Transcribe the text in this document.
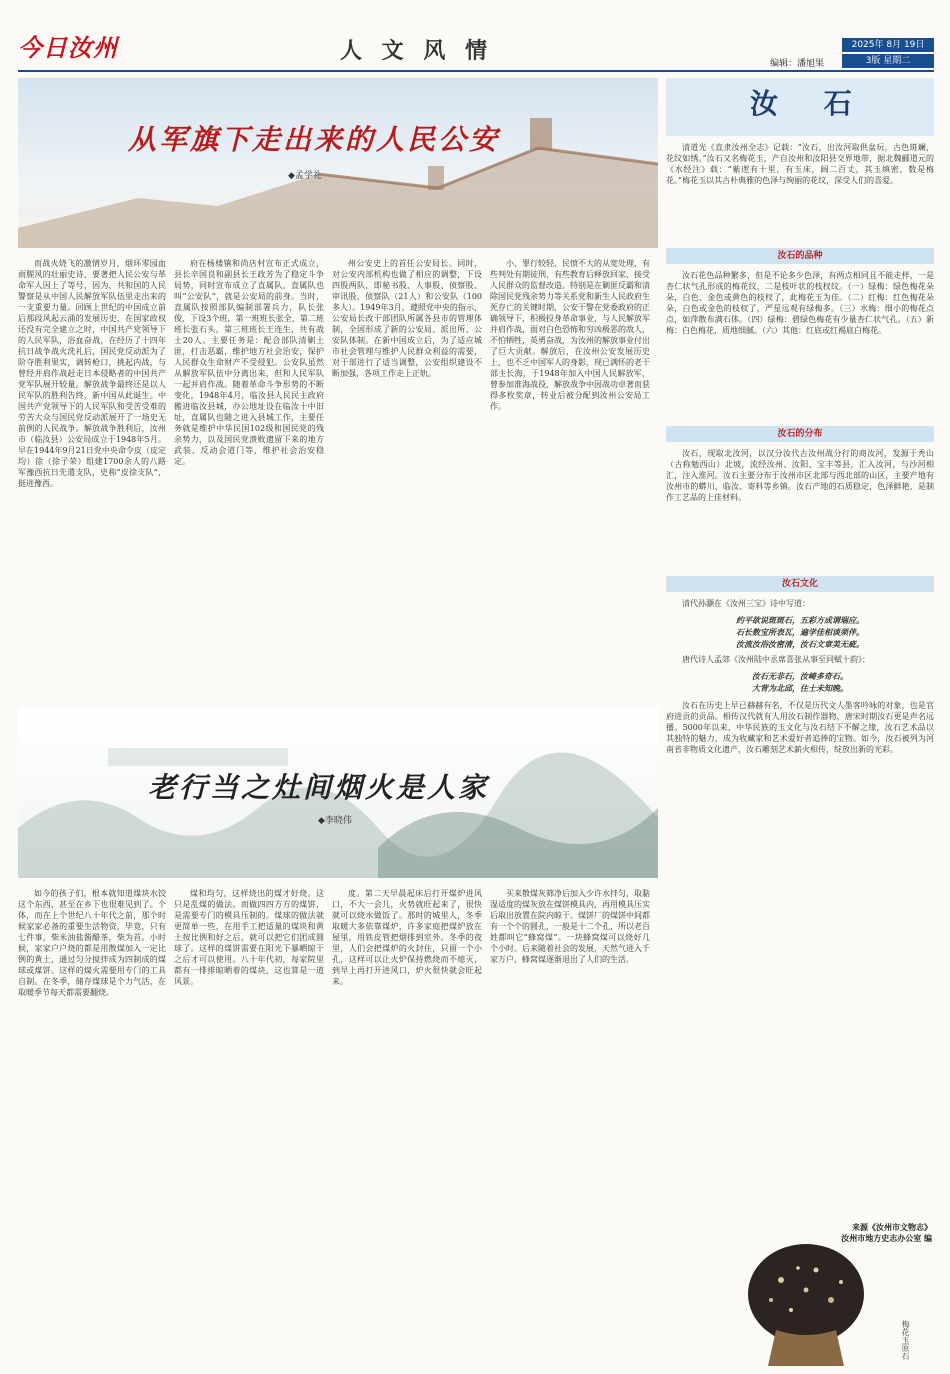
今日汝州	人 文 风 情	2025年 8月 19日
编辑：潘旭果	3版 星期二
从军旗下走出来的人民公安
◆孟学礼

而战火烧飞的激情岁月，烟环零园血雨腥风的壮丽史诗，要著把人民公安与革命军人因上了等号，因为，共和国的人民警察是从中国人民解放军队伍里走出来的一支重要力量。回顾上世纪的中国成立前后那段风起云涌的发展历史，在国家政权还没有完全建立之时，中国共产党领导下的人民军队，浴血奋战，在经历了十四年抗日战争战火洗礼后，国民党反动派为了阶夺胜利果实，调转枪口，挑起内战，与曾经并肩作战赶走日本侵略者的中国共产党军队展开较量。解放战争最终还是以人民军队的胜利告终，新中国从此诞生。中国共产党领导下的人民军队和受苦受难的劳苦大众与国民党反动派展开了一场史无前例的人民战争。解放战争胜利后，汝州市（临汝县）公安局成立于1948年5月。早在1944年9月21日党中央命令皮（皮定均）徐（徐子荣）组建1700余人的八路军豫西抗日先遣支队，史称“皮徐支队”，挺进豫西。

府在杨楼镇和尚店村宣布正式成立，县长辛国良和副县长王政芳为了稳定斗争局势，同时宣布成立了直属队，直属队也叫“公安队”，就是公安局的前身。当时，直属队按照部队编制部署兵力，队长张俊，下设3个班，第一班班长张全，第二班班长张石头，第三班班长王连生，共有战士20人。主要任务是：配合部队清剿土匪，打击恶霸，维护地方社会治安，保护人民群众生命财产不受侵犯。公安队虽然从解放军队伍中分离出来，但和人民军队一起并肩作战。随着革命斗争形势的不断变化，1948年4月，临汝县人民民主政府搬进临汝县城，办公地址设在临汝十中旧址，直属队也随之进入县城工作，主要任务就是维护中华民国102级和国民党的残余势力，以及国民党溃败遗留下来的地方武装、反动会道门等，维护社会治安稳定。

州公安史上的首任公安局长。同时，对公安内部机构也做了相应的调整，下设四股两队，即秘书股、人事股、侦察股、审讯股，侦察队（21人）和公安队（100多人）。1949年3月，遵照党中央的指示，公安局长改干部团队所属各县市的管理体制，全国形成了新的公安局、派出所、公安队体制。在新中国成立后，为了适应城市社会管理与维护人民群众利益的需要，对干部进行了适当调整，公安组织建设不断加强，各项工作走上正轨。

小、罪行较轻、民愤不大的从宽处理，有些判处有期徒刑，有些教育后释放回家，接受人民群众的监督改造。特别是在剿匪反霸和清除国民党残余势力等关系党和新生人民政府生死存亡的关键时期，公安干警在党委政府的正确领导下，积极投身革命事业，与人民解放军并肩作战，面对白色恐怖和穷凶极恶的敌人，不怕牺牲，英勇奋战，为汝州的解放事业付出了巨大贡献。解放后，在汝州公安发展历史上，也不乏中国军人的身影，现已满怀的老干部主长海，于1948年加入中国人民解放军，曾参加淮海战役，解放战争中因战功卓著而获得多枚奖章，转业后被分配到汝州公安局工作。

老行当之灶间烟火是人家
◆李晓伟

如今的孩子们，根本就知道煤块水饺这个东西，甚至在乡下也很难见到了。个体，而在上个世纪八十年代之前，那个时候家家必备的重要生活物资，毕竟，只有七件事，柴米油盐酱醋茶，柴为首。小时候，家家户户烧的都是用散煤加入一定比例的黄土，通过匀分搅拌成为四制成的煤球或煤饼。这样的煤火需要用专门的工具自制。在冬季，储存煤球是个力气活，在取暖季节每天都需要翻烧。

煤和均匀，这样烧出的煤才好烧。这只是乱煤的做法。而做四四方方的煤饼，是需要专门的模具压制的。煤球的做法就更简单一些，在用手工把适量的煤块和黄土按比例和好之后，就可以把它们团成圆球了。这样的煤饼需要在阳光下暴晒晾干之后才可以使用。八十年代初，每家院里都有一排排晾晒着的煤块，这也算是一道风景。

度。第二天早晨起床后打开煤炉进风口，不大一会儿，火势就旺起来了，很快就可以烧水做饭了。那时的城里人，冬季取暖大多依靠煤炉，许多家庭把煤炉放在屋里，用铁皮管把烟排到室外。冬季的夜里，人们会把煤炉的火封住，只留一个小孔，这样可以让火炉保持燃烧而不熄灭，到早上再打开进风口，炉火很快就会旺起来。

买来散煤灰筛净后加入少许水拌匀，取黏湿适度的煤灰放在煤饼模具内，再用模具压实后取出放置在院内晾干。煤饼厂的煤饼中间都有一个个的圆孔，一般是十二个孔，所以老百姓都叫它“蜂窝煤”。一块蜂窝煤可以烧好几个小时。后来随着社会的发展，天然气进入千家万户，蜂窝煤逐渐退出了人们的生活。

汝 石
清道光《直隶汝州全志》记载：“汝石，出汝河取供盆玩，古色斑斓，花纹如绣。”汝石又名梅花玉，产自汝州和汝阳县交界地带，据北魏郦道元的《水经注》载：“紫逻有十里，有玉床，阔二百丈，其玉缜密，数是梅花。”梅花玉以其古朴典雅的色泽与绚丽的花纹，深受人们的喜爱。
汝石的品种
汝石花色品种繁多，但是不论多少色泽，有两点相同且不能走样，一是杏仁状气孔形成的梅花纹，二是枝叶状的枝杈纹。（一）绿梅：绿色梅花朵朵，白色、金色或黄色的枝杈了，此梅花玉为佳。（二）红梅：红色梅花朵朵，白色或金色的枝杈了，严星远观有绿梅多。（三）水梅：细小的梅花点点，如萍散布满石体。（四）绿梅：碧绿色梅花有少量杏仁状气孔。（五）新梅：白色梅花，质地细腻。（六）其他：红底或红褐底白梅花。
汝石的分布
汝石，现取北汝河，以汉分汝代古汝州战分行的商汝河，发源于秃山（古称勉西山）北坡，流经汝州、汝阳、宝丰等县，汇入汝河，与沙河相汇，注入淮河。汝石主要分布于汝州市区北部与西北部的山区，主要产地有汝州市的蟒川、临汝、寄料等乡镇。汝石产地的石质稳定，色泽鲜艳，是制作工艺品的上佳材料。
汝石文化
清代孙灏在《汝州三宝》诗中写道：
约平欲说斑斑石，五彩方成谓瑞应。
石长数宝所表瓦，遍学佳相谈须伴。
汝流汝浴汝密清，汝石文章美无疵。
唐代诗人孟郊《汝州陆中丞席喜张从事至同赋十韵》：
汝石无非石，汝崎多奇石。
大背为北邱，住士未知晚。
汝石在历史上早已赫赫有名，不仅是历代文人墨客吟咏的对象，也是官府进贡的贡品。相传汉代就有人用汝石制作器物，唐宋时期汝石更是声名远播。5000年以来，中华民族的玉文化与汝石结下不解之缘，汝石艺术品以其独特的魅力，成为收藏家和艺术爱好者追捧的宝物。如今，汝石被列为河南省非物质文化遗产，汝石雕刻艺术薪火相传，绽放出新的光彩。
来源《汝州市文物志》
汝州市地方史志办公室 编
梅花玉原石
